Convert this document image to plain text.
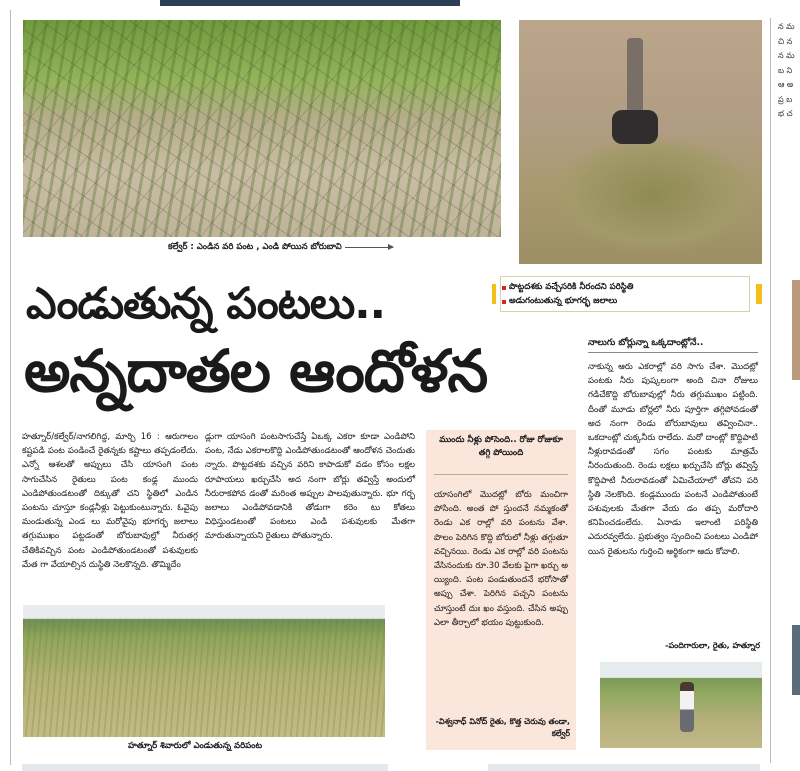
కల్వేర్‌ : ఎండిన వరి పంట , ఎండి పోయిన బోరుబావి
పొట్టదశకు వచ్చేసరికి నీరందని పరిస్థితి
అడుగంటుతున్న భూగర్భ జలాలు
ఎండుతున్న పంటలు..
అన్నదాతల ఆందోళన
హత్నూర్‌/కల్వేర్‌/నాగలిగిద్ద, మార్చి 16 : ఆరుగాలం కష్టపడి పంట పండించే రైతన్నకు కష్టాలు తప్పడంలేదు. ఎన్నో ఆశలతో అప్పులు చేసి యాసంగి పంట సాగుచేసిన రైతులు పంట కంఢ్ల ముందు ఎండిపోతుండటంతో దిక్కుతో చని స్థితిలో ఎండిన పంటను చూస్తూ కండ్లనీళ్లు పెట్టుకుంటున్నారు. ఓవైపు మండుతున్న ఎండ లు మరోవైపు భూగర్భ జలాలు తగ్గుముఖం పట్టడంతో బోరుబావుల్లో నీరుతగ్గ చేతికివచ్చిన పంట ఎండిపోతుండటంతో పశువులకు మేత గా వేయాల్సిన దుస్థితి నెలకొన్నది. తొమ్మిదేం
డ్లుగా యాసంగి పంటసాగుచేస్తే ఏఒక్క ఎకరా కూడా ఎండిపోని పంట, నేడు ఎకరాలకొద్ది ఎండిపోతుండటంతో ఆందోళన చెందుతు న్నారు. పొట్టదశకు వచ్చిన వరిని కాపాడుకో వడం కోసం లక్షల రూపాయలు ఖర్చుచేసి అద నంగా బోర్లు తవ్విస్తే అందులో నీరురాకపోవ డంతో మరింత అప్పుల పాలవుతున్నారు. భూ గర్భ జలాలు ఎండిపోవడానికి తోడుగా కరెం టు కోతలు విధిస్తుండటంతో పంటలు ఎండి పశువులకు మేతగా మారుతున్నాయని రైతులు పోతున్నారు.
ముందు నీళ్లు పోసెంది.. రోజు రోజుకూ తగ్గి పోయింది
యాసంగిలో మొదట్లో బోరు మంచిగా పోసింది. అంత పో స్తుందనే నమ్మకంతో రెండు ఎక రాల్లో వరి పంటను వేశా. పొలం పెరిగిన కొద్ది బోరులో నీళ్లు తగ్గుతూ వచ్చినయి. రెండు ఎక రాల్లో వరి పంటను వేసినందుకు రూ.30 వేలకు పైగా ఖర్చు అ య్యింది. పంట పండుతుందనే భరోసాతో అప్పు చేశా. పెరిగిన పచ్చని పంటను చూస్తుంటే దుః ఖం వస్తుంది. చేసిన అప్పు ఎలా తీర్చాలో భయం పుట్టుకుంది.
-విశ్వనాధ్‌ వినోద్‌ రైతు, కొత్త చెరువు తండా, కల్వేర్‌
నాలుగు బోర్లున్నా ఒక్కదాంట్లోనే..
నాకున్న ఆరు ఎకరాల్లో వరి సాగు చేశా. మొదట్లో పంటకు నీరు పుష్కలంగా అంది చినా రోజులు గడిచేకొద్ది బోరుబావుల్లో నీరు తగ్గుముఖం పట్టింది. దీంతో మూడు బోర్లలో నీరు పూర్తిగా తగ్గిపోవడంతో అద నంగా రెండు బోరుబావులు తవ్వించినా.. ఒకదాంట్లో చుక్కనీరు రాలేదు. మరో దాంట్లో కొద్దిపాటి నీళ్లురావడంతో సగం పంటకు మాత్రమే నీరందుతుంది. రెండు లక్షలు ఖర్చుచేసి బోర్లు తవ్విస్తే కొద్దిపాటి నీరురావడంతో ఏమిచేయాలో తోచని పరి స్థితి నెలకొంది. కండ్లముందు పంటనే ఎండిపోతుంటే పశువులకు మేతగా వేయ డం తప్ప మరోదారి కనిపించడంలేదు. ఏనాడు ఇలాంటి పరిస్థితి ఎదురవ్వలేదు. ప్రభుత్వం స్పందించి పంటలు ఎండిపో యిన రైతులను గుర్తించి ఆర్థికంగా ఆదు కోవాలి.
-పందిగారులా, రైతు, హత్నూర
హత్నూర్‌ శివారులో ఎండుతున్న వరిపంట
న మ చి న న మ బ ని ఆ అ ప్ర బ భ చ
